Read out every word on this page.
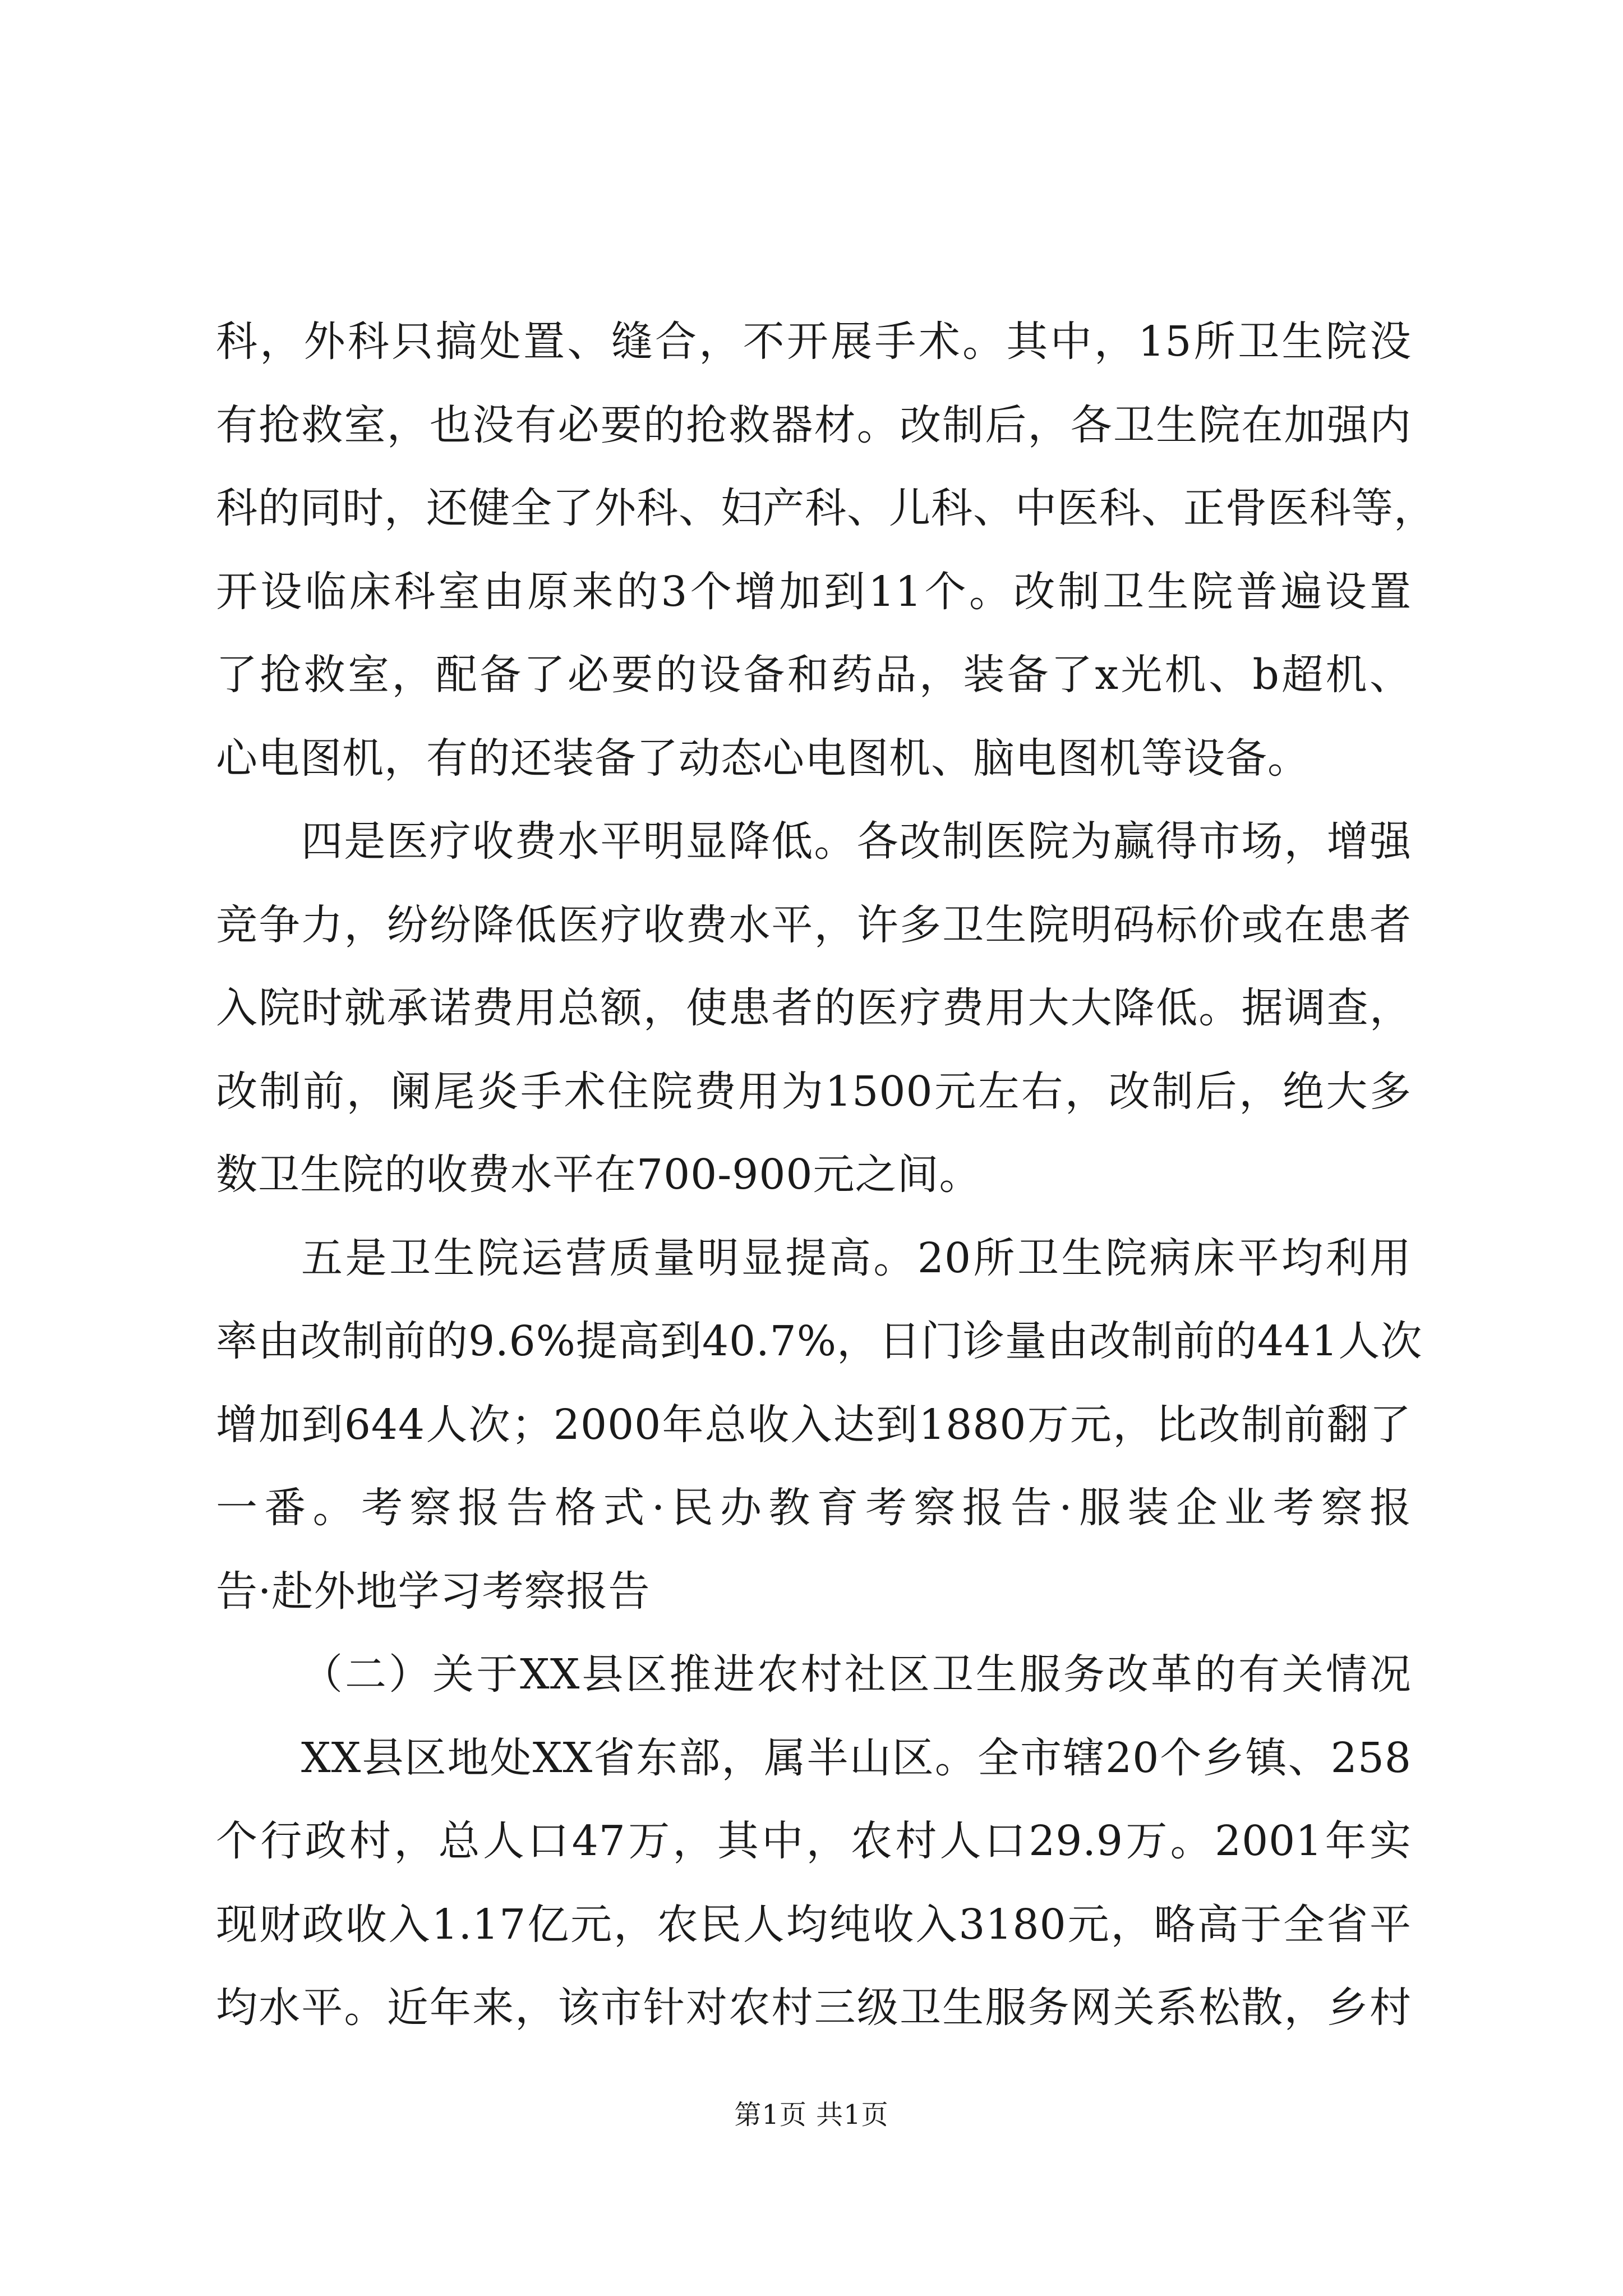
科，外科只搞处置、缝合，不开展手术。其中，15所卫生院没
有抢救室，也没有必要的抢救器材。改制后，各卫生院在加强内
科的同时，还健全了外科、妇产科、儿科、中医科、正骨医科等，
开设临床科室由原来的3个增加到11个。改制卫生院普遍设置
了抢救室，配备了必要的设备和药品，装备了x光机、b超机、
心电图机，有的还装备了动态心电图机、脑电图机等设备。
四是医疗收费水平明显降低。各改制医院为赢得市场，增强
竞争力，纷纷降低医疗收费水平，许多卫生院明码标价或在患者
入院时就承诺费用总额，使患者的医疗费用大大降低。据调查，
改制前，阑尾炎手术住院费用为1500元左右，改制后，绝大多
数卫生院的收费水平在700-900元之间。
五是卫生院运营质量明显提高。20所卫生院病床平均利用
率由改制前的9.6%提高到40.7%，日门诊量由改制前的441人次
增加到644人次；2000年总收入达到1880万元，比改制前翻了
一番。考察报告格式·民办教育考察报告·服装企业考察报
告·赴外地学习考察报告
（二）关于XX县区推进农村社区卫生服务改革的有关情况
XX县区地处XX省东部，属半山区。全市辖20个乡镇、258
个行政村，总人口47万，其中，农村人口29.9万。2001年实
现财政收入1.17亿元，农民人均纯收入3180元，略高于全省平
均水平。近年来，该市针对农村三级卫生服务网关系松散，乡村
第1页 共1页
